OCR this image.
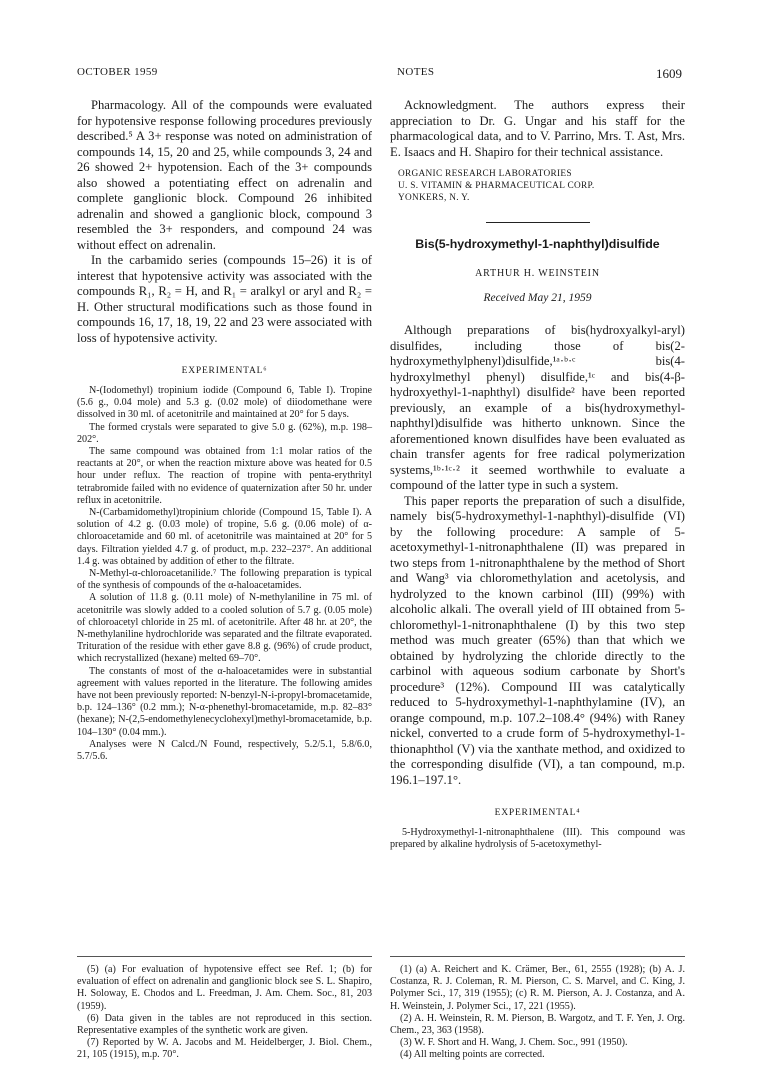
OCTOBER 1959	NOTES	1609

Pharmacology. All of the compounds were evaluated for hypotensive response following procedures previously described.⁵ A 3+ response was noted on administration of compounds 14, 15, 20 and 25, while compounds 3, 24 and 26 showed 2+ hypotension. Each of the 3+ compounds also showed a potentiating effect on adrenalin and complete ganglionic block. Compound 26 inhibited adrenalin and showed a ganglionic block, compound 3 resembled the 3+ responders, and compound 24 was without effect on adrenalin.

In the carbamido series (compounds 15–26) it is of interest that hypotensive activity was associated with the compounds R₁, R₂ = H, and R₁ = aralkyl or aryl and R₂ = H. Other structural modifications such as those found in compounds 16, 17, 18, 19, 22 and 23 were associated with loss of hypotensive activity.

EXPERIMENTAL⁶

N-(Iodomethyl) tropinium iodide (Compound 6, Table I). Tropine (5.6 g., 0.04 mole) and 5.3 g. (0.02 mole) of diiodomethane were dissolved in 30 ml. of acetonitrile and maintained at 20° for 5 days.

The formed crystals were separated to give 5.0 g. (62%), m.p. 198–202°.

The same compound was obtained from 1:1 molar ratios of the reactants at 20°, or when the reaction mixture above was heated for 0.5 hour under reflux. The reaction of tropine with penta-erythrityl tetrabromide failed with no evidence of quaternization after 50 hr. under reflux in acetonitrile.

N-(Carbamidomethyl)tropinium chloride (Compound 15, Table I). A solution of 4.2 g. (0.03 mole) of tropine, 5.6 g. (0.06 mole) of α-chloroacetamide and 60 ml. of acetonitrile was maintained at 20° for 5 days. Filtration yielded 4.7 g. of product, m.p. 232–237°. An additional 1.4 g. was obtained by addition of ether to the filtrate.

N-Methyl-α-chloroacetanilide.⁷ The following preparation is typical of the synthesis of compounds of the α-haloacetamides.

A solution of 11.8 g. (0.11 mole) of N-methylaniline in 75 ml. of acetonitrile was slowly added to a cooled solution of 5.7 g. (0.05 mole) of chloroacetyl chloride in 25 ml. of acetonitrile. After 48 hr. at 20°, the N-methylaniline hydrochloride was separated and the filtrate evaporated. Trituration of the residue with ether gave 8.8 g. (96%) of crude product, which recrystallized (hexane) melted 69–70°.

The constants of most of the α-haloacetamides were in substantial agreement with values reported in the literature. The following amides have not been previously reported: N-benzyl-N-i-propyl-bromacetamide, b.p. 124–136° (0.2 mm.); N-α-phenethyl-bromacetamide, m.p. 82–83° (hexane); N-(2,5-endomethylenecyclohexyl)methyl-bromacetamide, b.p. 104–130° (0.04 mm.).

Analyses were N Calcd./N Found, respectively, 5.2/5.1, 5.8/6.0, 5.7/5.6.

Acknowledgment. The authors express their appreciation to Dr. G. Ungar and his staff for the pharmacological data, and to V. Parrino, Mrs. T. Ast, Mrs. E. Isaacs and H. Shapiro for their technical assistance.

ORGANIC RESEARCH LABORATORIES
U. S. VITAMIN & PHARMACEUTICAL CORP.
YONKERS, N. Y.
Bis(5-hydroxymethyl-1-naphthyl)disulfide
ARTHUR H. WEINSTEIN
Received May 21, 1959

Although preparations of bis(hydroxyalkyl-aryl) disulfides, including those of bis(2-hydroxymethylphenyl)disulfide,¹ᵃ·ᵇ·ᶜ bis(4-hydroxylmethyl phenyl) disulfide,¹ᶜ and bis(4-β-hydroxyethyl-1-naphthyl) disulfide² have been reported previously, an example of a bis(hydroxymethyl-naphthyl)disulfide was hitherto unknown. Since the aforementioned known disulfides have been evaluated as chain transfer agents for free radical polymerization systems,¹ᵇ·¹ᶜ·² it seemed worthwhile to evaluate a compound of the latter type in such a system.

This paper reports the preparation of such a disulfide, namely bis(5-hydroxymethyl-1-naphthyl)-disulfide (VI) by the following procedure: A sample of 5-acetoxymethyl-1-nitronaphthalene (II) was prepared in two steps from 1-nitronaphthalene by the method of Short and Wang³ via chloromethylation and acetolysis, and hydrolyzed to the known carbinol (III) (99%) with alcoholic alkali. The overall yield of III obtained from 5-chloromethyl-1-nitronaphthalene (I) by this two step method was much greater (65%) than that which we obtained by hydrolyzing the chloride directly to the carbinol with aqueous sodium carbonate by Short's procedure³ (12%). Compound III was catalytically reduced to 5-hydroxymethyl-1-naphthylamine (IV), an orange compound, m.p. 107.2–108.4° (94%) with Raney nickel, converted to a crude form of 5-hydroxymethyl-1-thionaphthol (V) via the xanthate method, and oxidized to the corresponding disulfide (VI), a tan compound, m.p. 196.1–197.1°.

EXPERIMENTAL⁴

5-Hydroxymethyl-1-nitronaphthalene (III). This compound was prepared by alkaline hydrolysis of 5-acetoxymethyl-

(5) (a) For evaluation of hypotensive effect see Ref. 1; (b) for evaluation of effect on adrenalin and ganglionic block see S. L. Shapiro, H. Soloway, E. Chodos and L. Freedman, J. Am. Chem. Soc., 81, 203 (1959).

(6) Data given in the tables are not reproduced in this section. Representative examples of the synthetic work are given.

(7) Reported by W. A. Jacobs and M. Heidelberger, J. Biol. Chem., 21, 105 (1915), m.p. 70°.

(1) (a) A. Reichert and K. Crämer, Ber., 61, 2555 (1928); (b) A. J. Costanza, R. J. Coleman, R. M. Pierson, C. S. Marvel, and C. King, J. Polymer Sci., 17, 319 (1955); (c) R. M. Pierson, A. J. Costanza, and A. H. Weinstein, J. Polymer Sci., 17, 221 (1955).

(2) A. H. Weinstein, R. M. Pierson, B. Wargotz, and T. F. Yen, J. Org. Chem., 23, 363 (1958).

(3) W. F. Short and H. Wang, J. Chem. Soc., 991 (1950).

(4) All melting points are corrected.
